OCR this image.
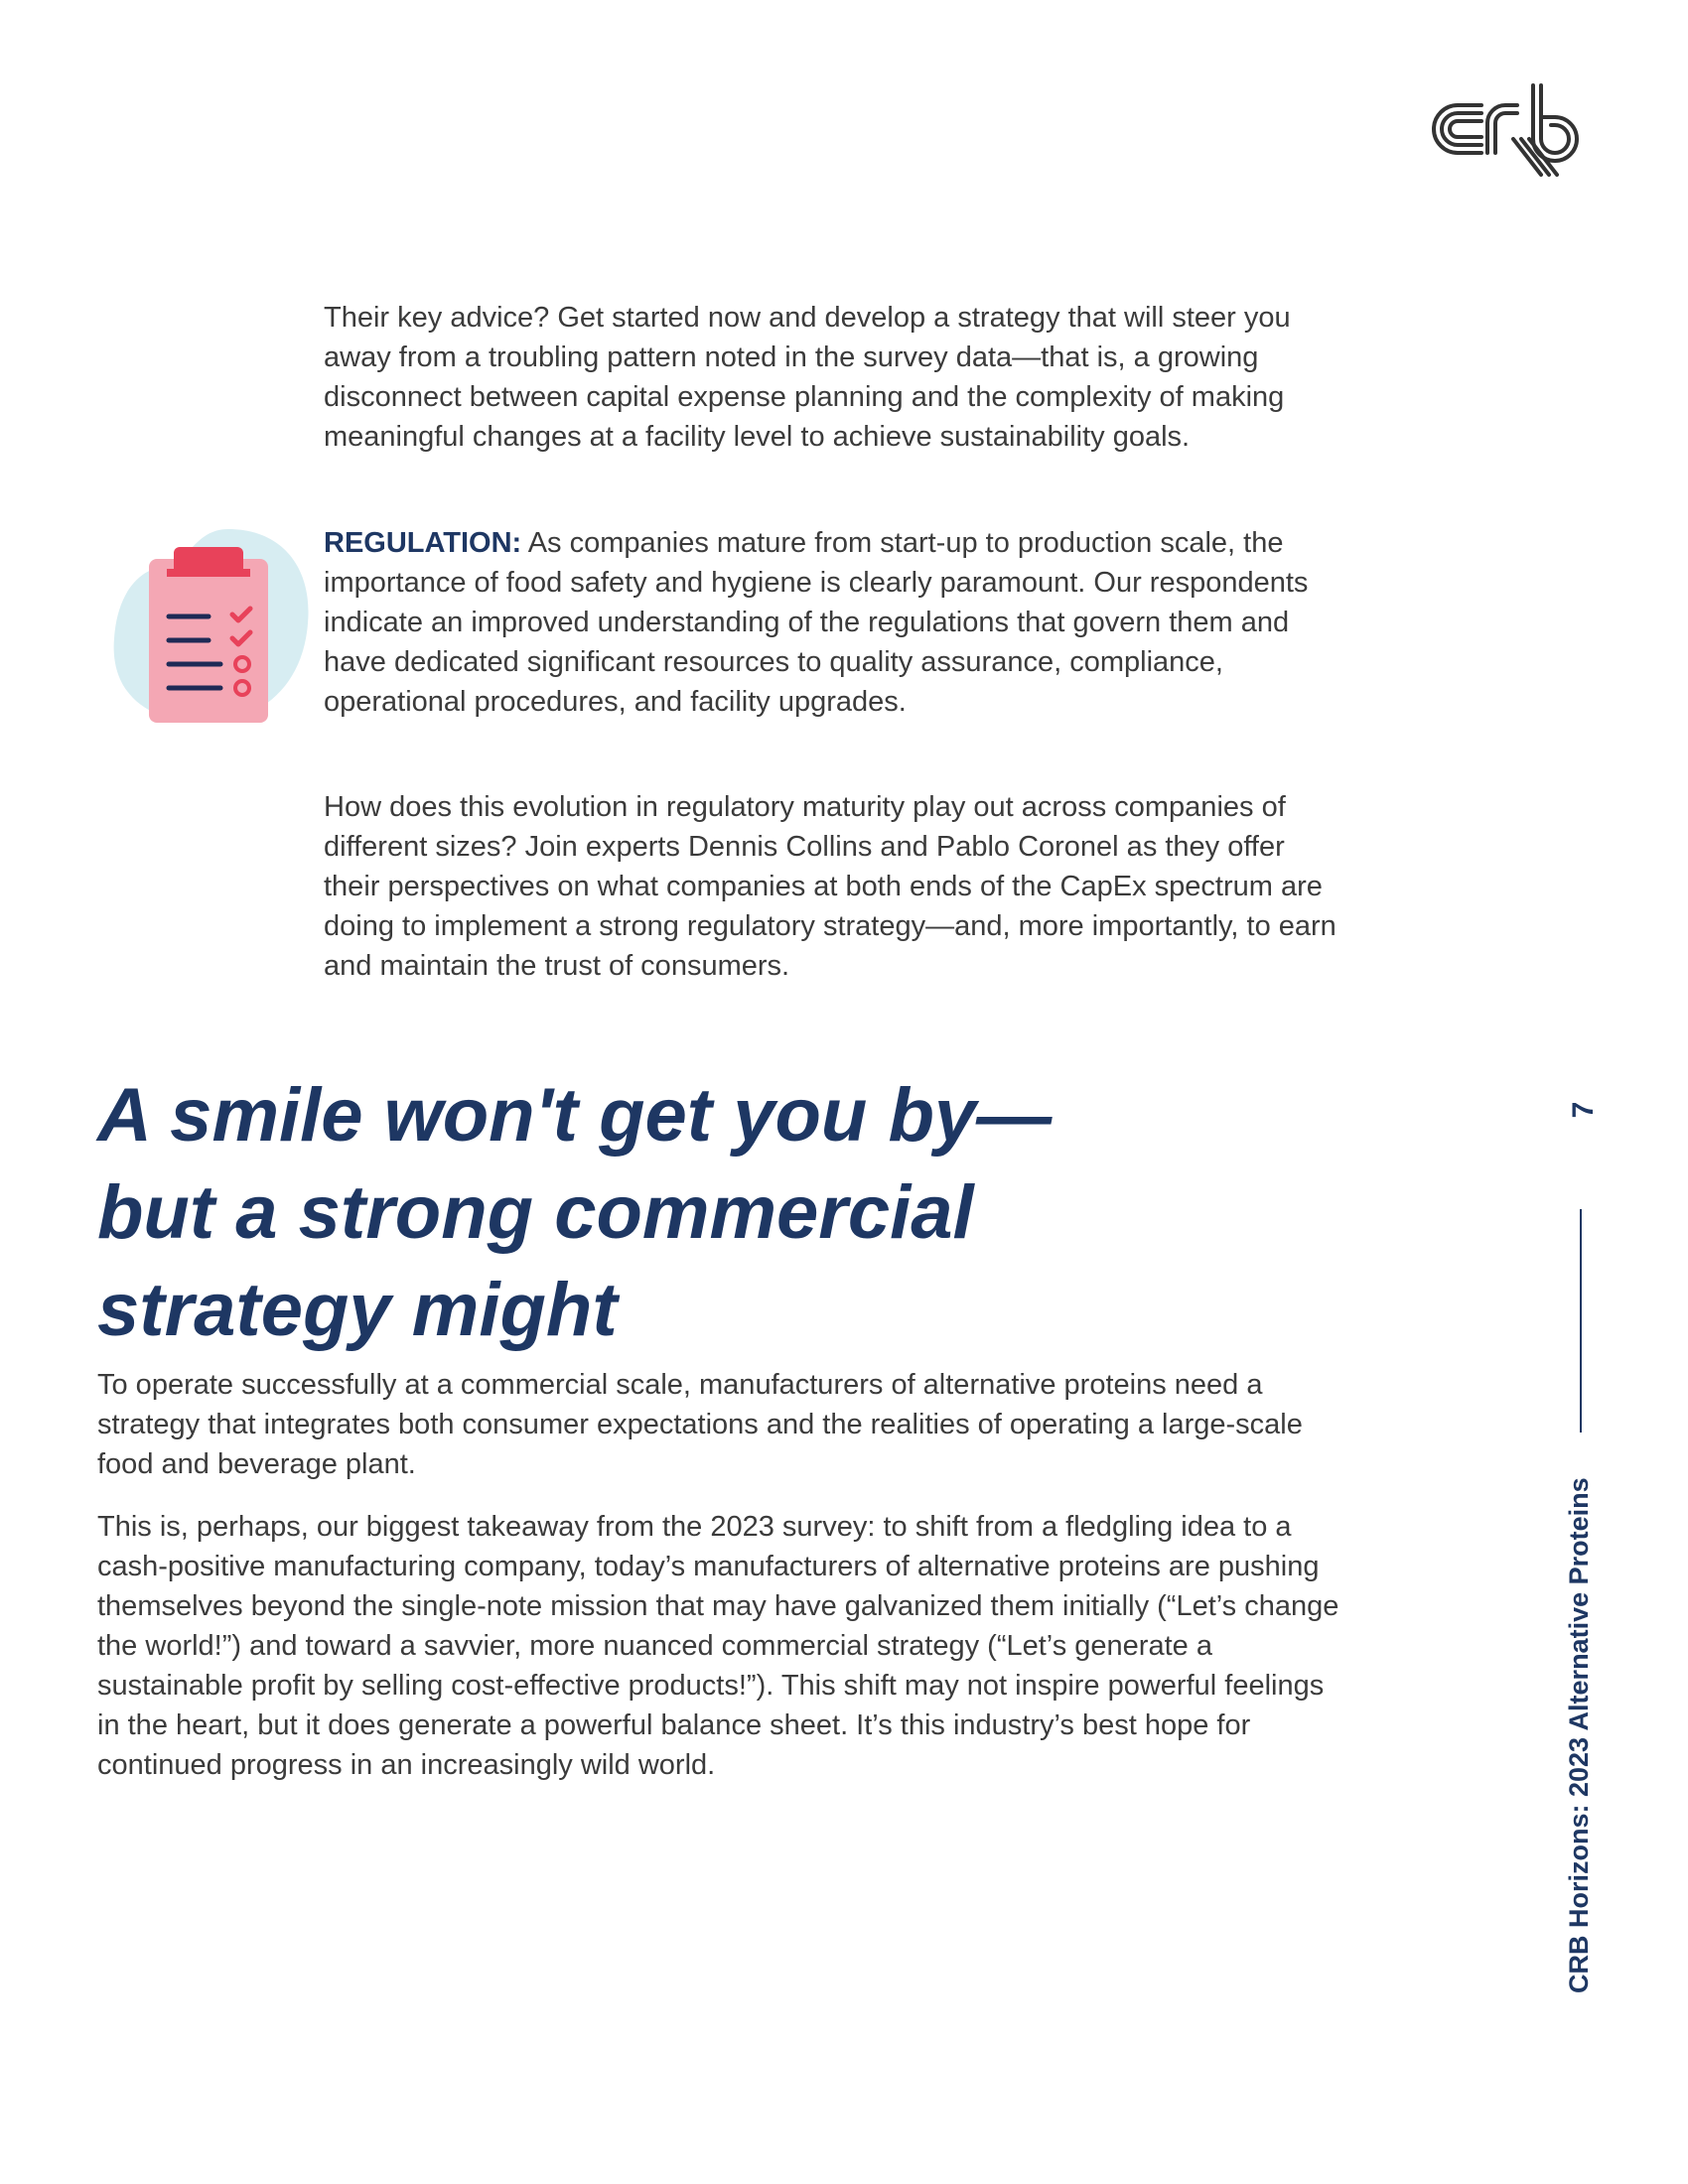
Their key advice? Get started now and develop a strategy that will steer you away from a troubling pattern noted in the survey data—that is, a growing disconnect between capital expense planning and the complexity of making meaningful changes at a facility level to achieve sustainability goals.

REGULATION: As companies mature from start-up to production scale, the importance of food safety and hygiene is clearly paramount. Our respondents indicate an improved understanding of the regulations that govern them and have dedicated significant resources to quality assurance, compliance, operational procedures, and facility upgrades.

How does this evolution in regulatory maturity play out across companies of different sizes? Join experts Dennis Collins and Pablo Coronel as they offer their perspectives on what companies at both ends of the CapEx spectrum are doing to implement a strong regulatory strategy—and, more importantly, to earn and maintain the trust of consumers.

A smile won't get you by—
but a strong commercial
strategy might

To operate successfully at a commercial scale, manufacturers of alternative proteins need a strategy that integrates both consumer expectations and the realities of operating a large-scale food and beverage plant.

This is, perhaps, our biggest takeaway from the 2023 survey: to shift from a fledgling idea to a cash-positive manufacturing company, today’s manufacturers of alternative proteins are pushing themselves beyond the single-note mission that may have galvanized them initially (“Let’s change the world!”) and toward a savvier, more nuanced commercial strategy (“Let’s generate a sustainable profit by selling cost-effective products!”). This shift may not inspire powerful feelings in the heart, but it does generate a powerful balance sheet. It’s this industry’s best hope for continued progress in an increasingly wild world.

7
CRB Horizons: 2023 Alternative Proteins
